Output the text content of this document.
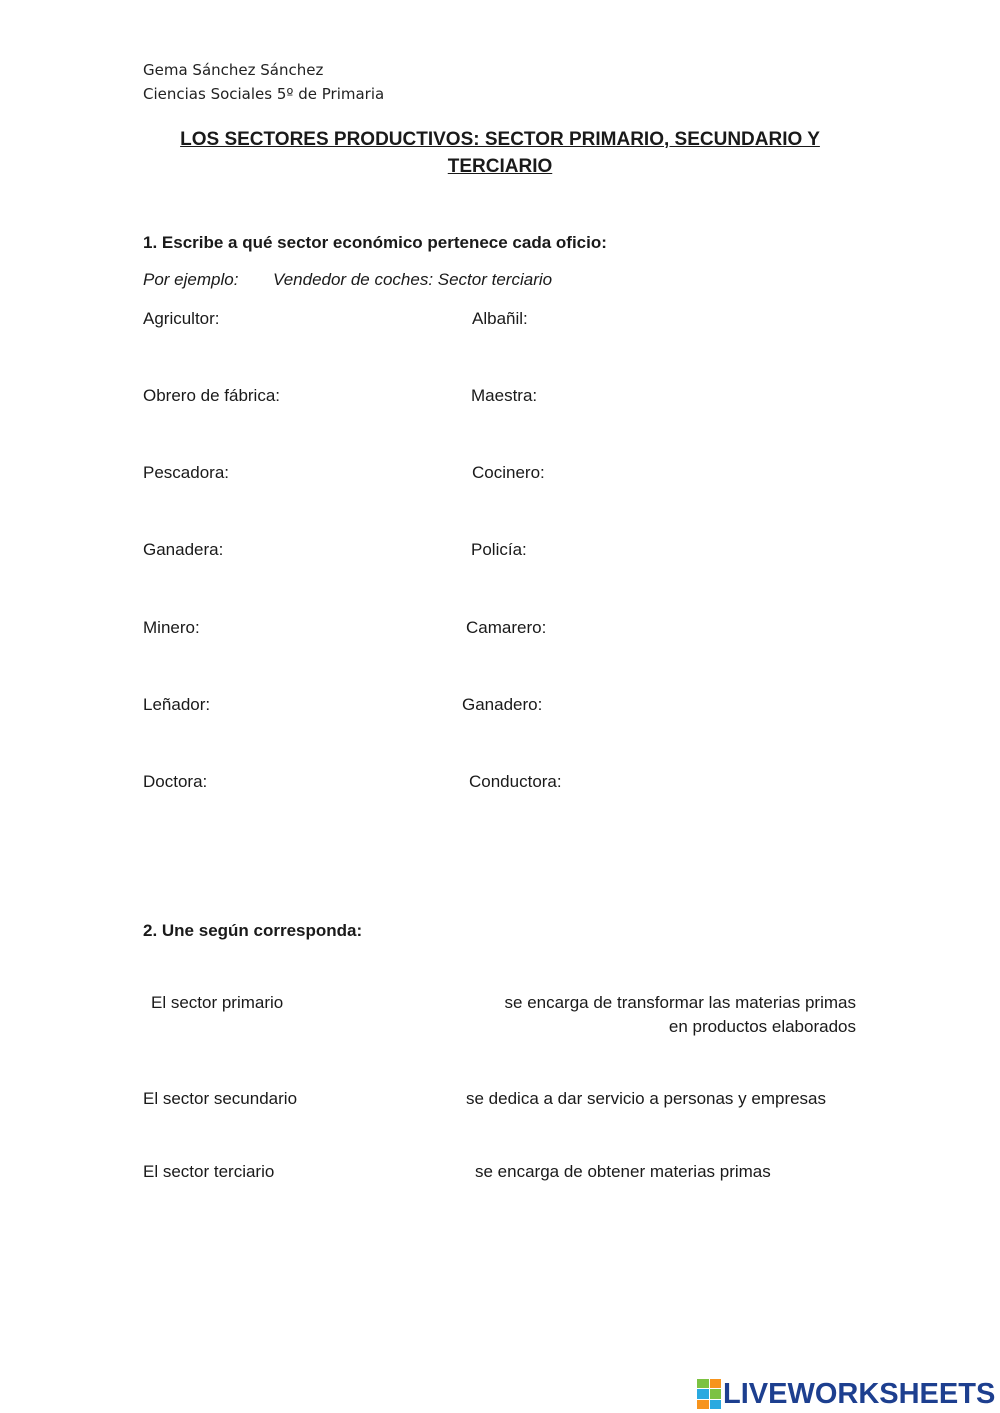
Gema Sánchez Sánchez
Ciencias Sociales 5º de Primaria
LOS SECTORES PRODUCTIVOS: SECTOR PRIMARIO, SECUNDARIO Y TERCIARIO
1. Escribe a qué sector económico pertenece cada oficio:
Por ejemplo: Vendedor de coches: Sector terciario
Agricultor:
Obrero de fábrica:
Pescadora:
Ganadera:
Minero:
Leñador:
Doctora:
Albañil:
Maestra:
Cocinero:
Policía:
Camarero:
Ganadero:
Conductora:
2. Une según corresponda:
El sector primario
El sector secundario
El sector terciario
se encarga de transformar las materias primas
en productos elaborados
se dedica a dar servicio a personas y empresas
se encarga de obtener materias primas
LIVEWORKSHEETS
